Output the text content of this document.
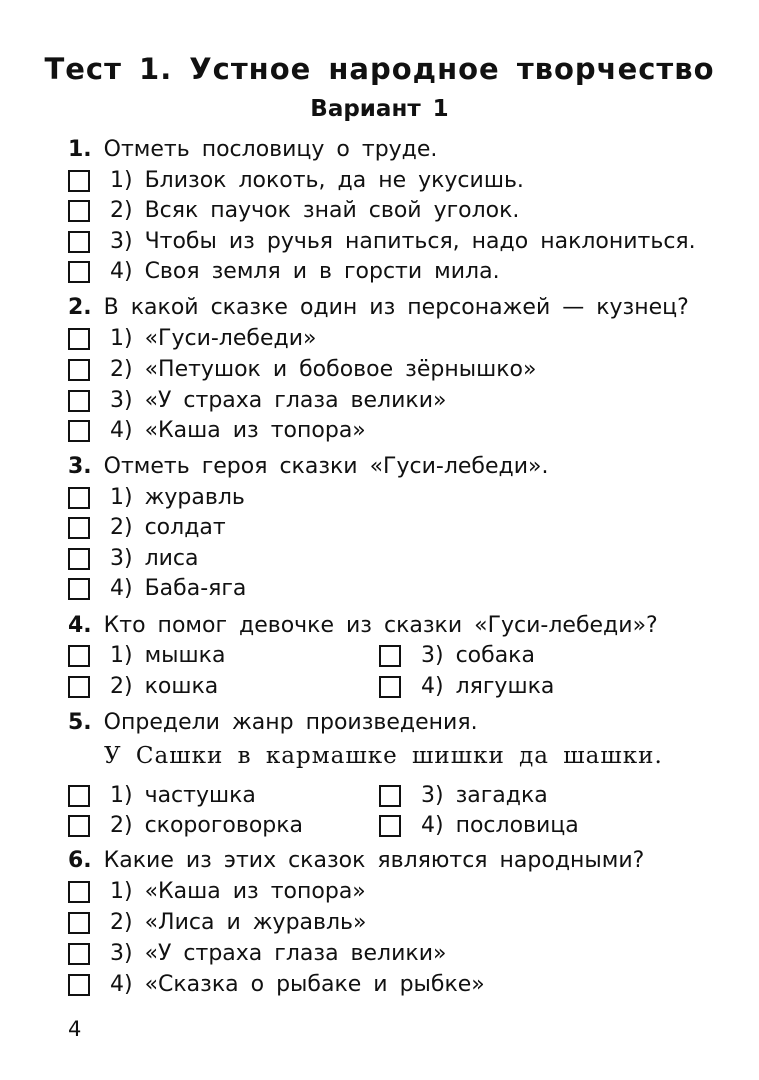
Тест 1. Устное народное творчество
Вариант 1
1. Отметь пословицу о труде.
1) Близок локоть, да не укусишь.
2) Всяк паучок знай свой уголок.
3) Чтобы из ручья напиться, надо наклониться.
4) Своя земля и в горсти мила.
2. В какой сказке один из персонажей — кузнец?
1) «Гуси-лебеди»
2) «Петушок и бобовое зёрнышко»
3) «У страха глаза велики»
4) «Каша из топора»
3. Отметь героя сказки «Гуси-лебеди».
1) журавль
2) солдат
3) лиса
4) Баба-яга
4. Кто помог девочке из сказки «Гуси-лебеди»?
1) мышка
2) кошка
3) собака
4) лягушка
5. Определи жанр произведения.
У Сашки в кармашке шишки да шашки.
1) частушка
2) скороговорка
3) загадка
4) пословица
6. Какие из этих сказок являются народными?
1) «Каша из топора»
2) «Лиса и журавль»
3) «У страха глаза велики»
4) «Сказка о рыбаке и рыбке»
4
